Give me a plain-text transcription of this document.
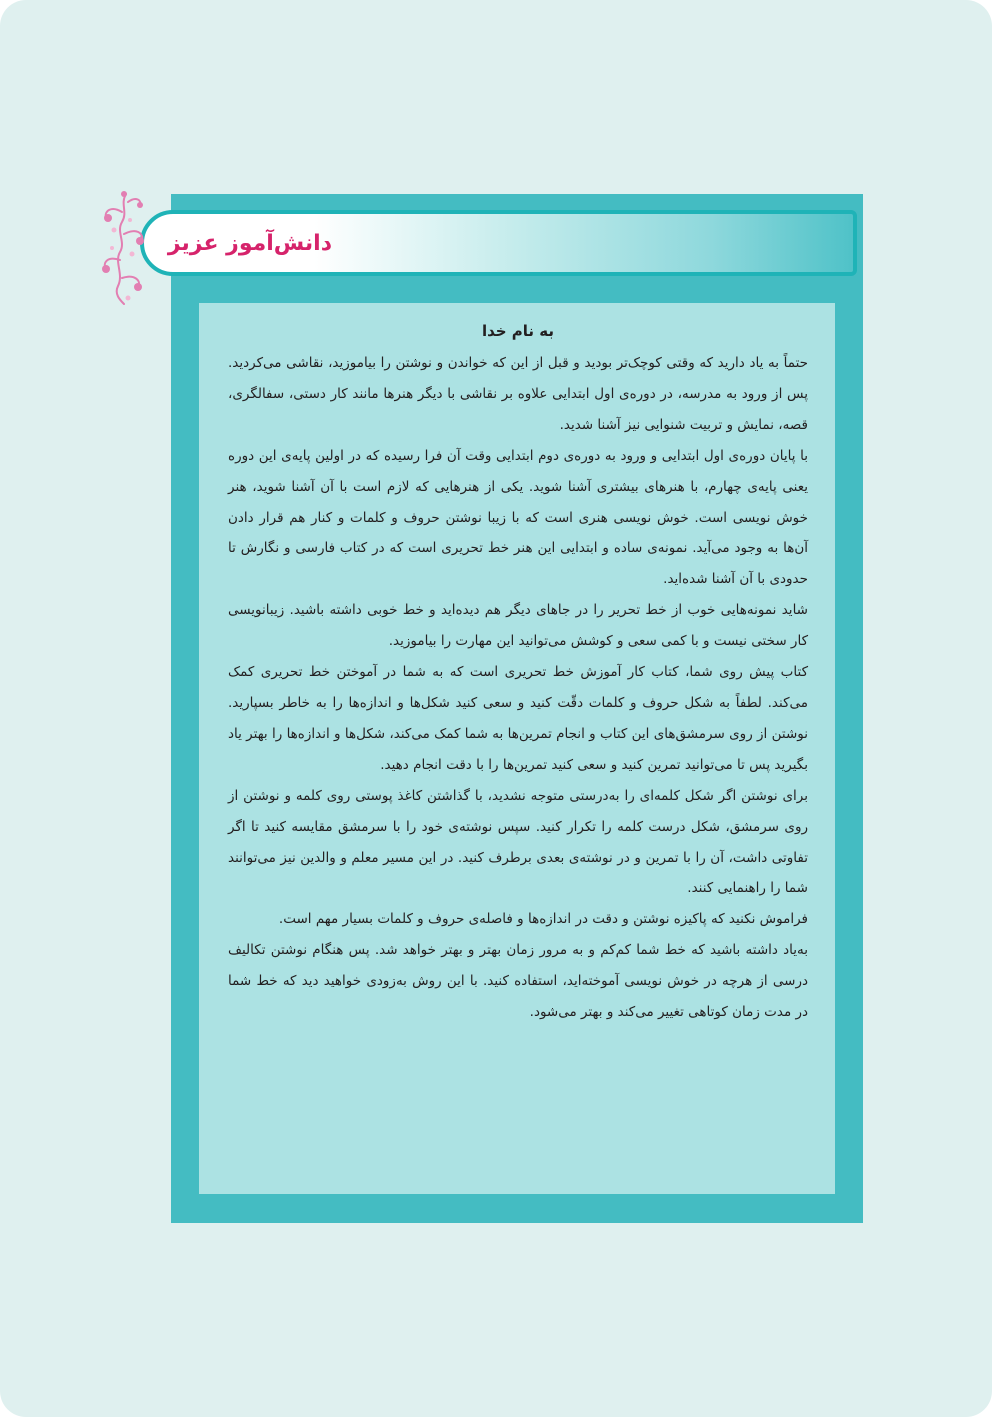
دانش‌آموز عزیز
به نام خدا

حتماً به یاد دارید که وقتی کوچک‌تر بودید و قبل از این که خواندن و نوشتن را بیاموزید، نقاشی می‌کردید. پس از ورود به مدرسه، در دوره‌ی اول ابتدایی علاوه بر نقاشی با دیگر هنرها مانند کار دستی، سفالگری، قصه، نمایش و تربیت شنوایی نیز آشنا شدید.

با پایان دوره‌ی اول ابتدایی و ورود به دوره‌ی دوم ابتدایی وقت آن فرا رسیده که در اولین پایه‌ی این دوره یعنی پایه‌ی چهارم، با هنرهای بیشتری آشنا شوید. یکی از هنرهایی که لازم است با آن آشنا شوید، هنر خوش نویسی است. خوش نویسی هنری است که با زیبا نوشتن حروف و کلمات و کنار هم قرار دادن آن‌ها به وجود می‌آید. نمونه‌ی ساده و ابتدایی این هنر خط تحریری است که در کتاب فارسی و نگارش تا حدودی با آن آشنا شده‌اید.

شاید نمونه‌هایی خوب از خط تحریر را در جاهای دیگر هم دیده‌اید و خط خوبی داشته باشید. زیبانویسی کار سختی نیست و با کمی سعی و کوشش می‌توانید این مهارت را بیاموزید.

کتاب پیش روی شما، کتاب کار آموزش خط تحریری است که به شما در آموختن خط تحریری کمک می‌کند. لطفاً به شکل حروف و کلمات دقّت کنید و سعی کنید شکل‌ها و اندازه‌ها را به خاطر بسپارید. نوشتن از روی سرمشق‌های این کتاب و انجام تمرین‌ها به شما کمک می‌کند، شکل‌ها و اندازه‌ها را بهتر یاد بگیرید پس تا می‌توانید تمرین کنید و سعی کنید تمرین‌ها را با دقت انجام دهید.

برای نوشتن اگر شکل کلمه‌ای را به‌درستی متوجه نشدید، با گذاشتن کاغذ پوستی روی کلمه و نوشتن از روی سرمشق، شکل درست کلمه را تکرار کنید. سپس نوشته‌ی خود را با سرمشق مقایسه کنید تا اگر تفاوتی داشت، آن را با تمرین و در نوشته‌ی بعدی برطرف کنید. در این مسیر معلم و والدین نیز می‌توانند شما را راهنمایی کنند.

فراموش نکنید که پاکیزه نوشتن و دقت در اندازه‌ها و فاصله‌ی حروف و کلمات بسیار مهم است.

به‌یاد داشته باشید که خط شما کم‌کم و به مرور زمان بهتر و بهتر خواهد شد. پس هنگام نوشتن تکالیف درسی از هرچه در خوش نویسی آموخته‌اید، استفاده کنید. با این روش به‌زودی خواهید دید که خط شما در مدت زمان کوتاهی تغییر می‌کند و بهتر می‌شود.
